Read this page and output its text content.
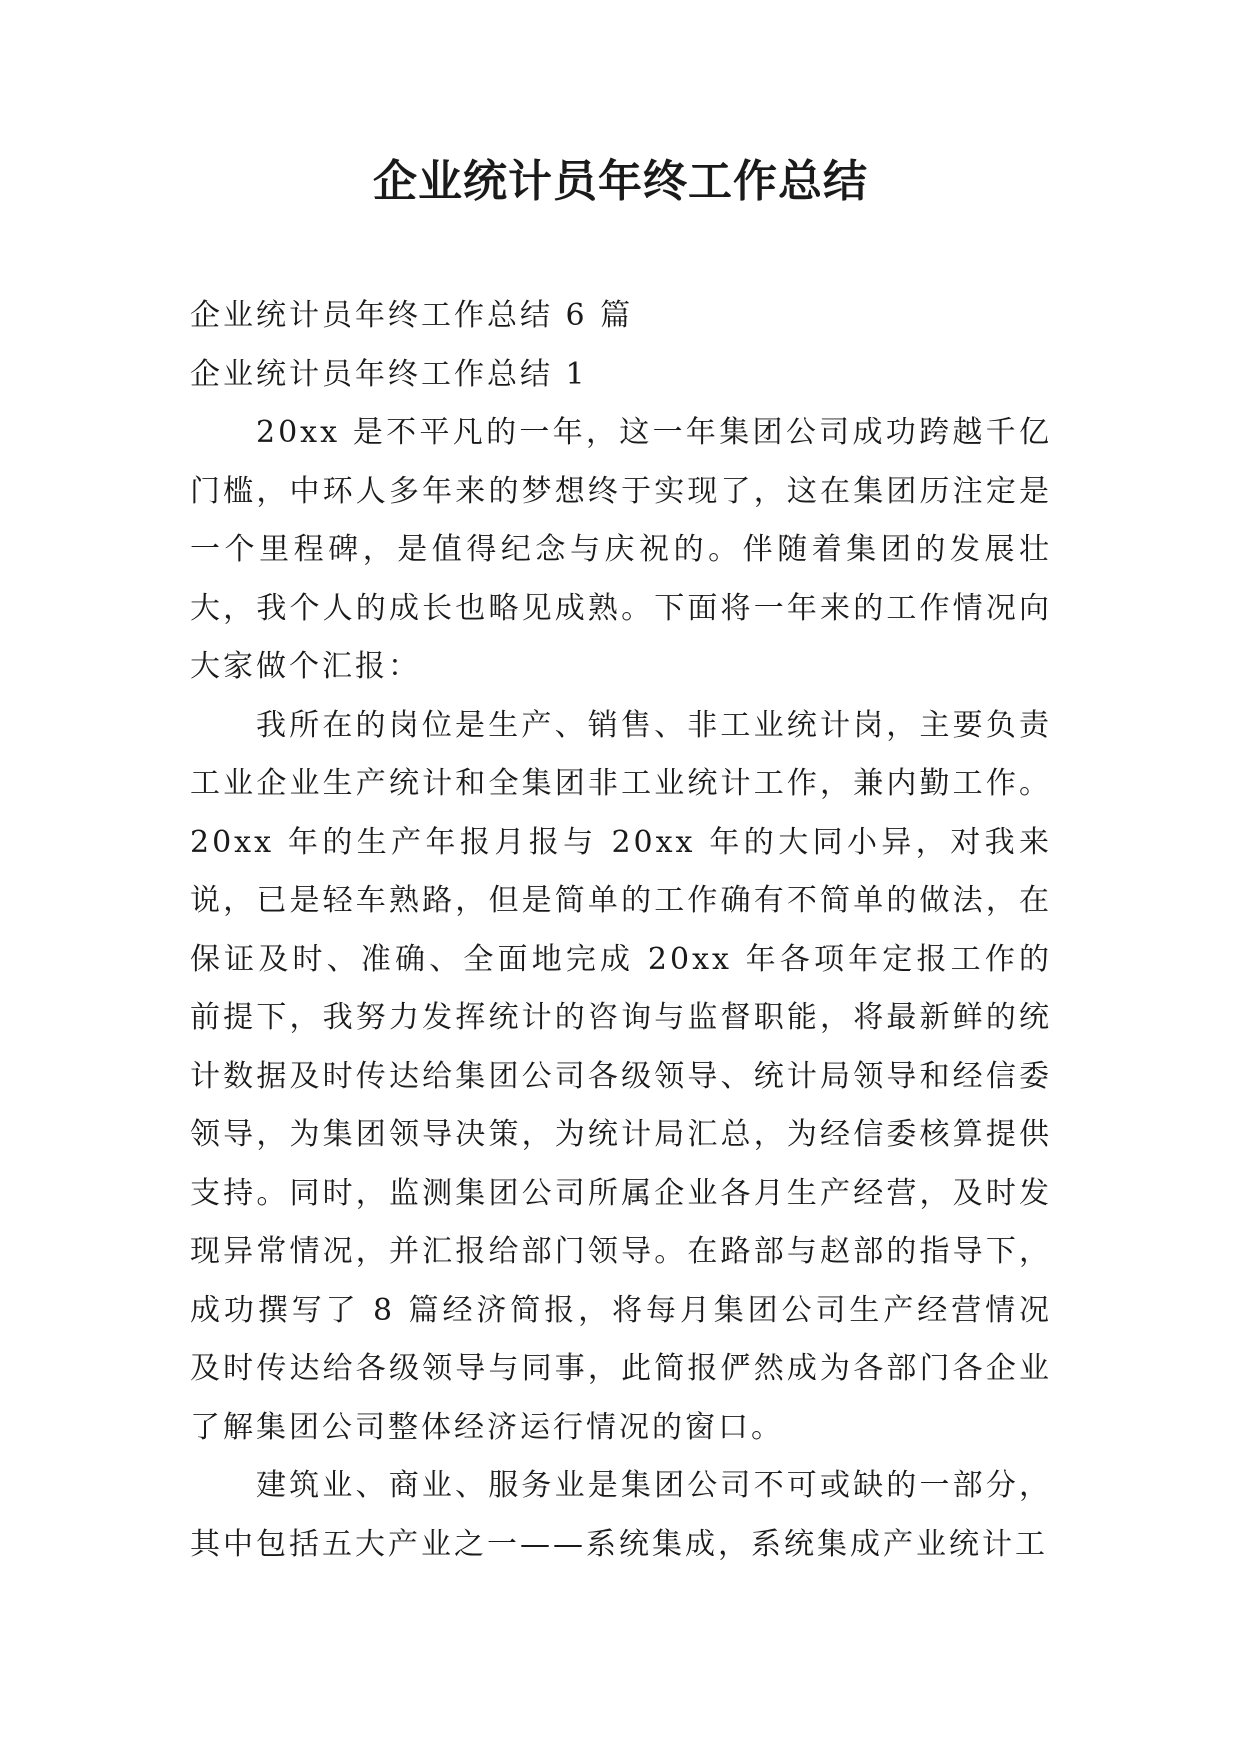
企业统计员年终工作总结

企业统计员年终工作总结 6 篇

企业统计员年终工作总结 1

20xx 是不平凡的一年，这一年集团公司成功跨越千亿门槛，中环人多年来的梦想终于实现了，这在集团历注定是一个里程碑，是值得纪念与庆祝的。伴随着集团的发展壮大，我个人的成长也略见成熟。下面将一年来的工作情况向大家做个汇报：

我所在的岗位是生产、销售、非工业统计岗，主要负责工业企业生产统计和全集团非工业统计工作，兼内勤工作。20xx 年的生产年报月报与 20xx 年的大同小异，对我来说，已是轻车熟路，但是简单的工作确有不简单的做法，在保证及时、准确、全面地完成 20xx 年各项年定报工作的前提下，我努力发挥统计的咨询与监督职能，将最新鲜的统计数据及时传达给集团公司各级领导、统计局领导和经信委领导，为集团领导决策，为统计局汇总，为经信委核算提供支持。同时，监测集团公司所属企业各月生产经营，及时发现异常情况，并汇报给部门领导。在路部与赵部的指导下，成功撰写了 8 篇经济简报，将每月集团公司生产经营情况及时传达给各级领导与同事，此简报俨然成为各部门各企业了解集团公司整体经济运行情况的窗口。

建筑业、商业、服务业是集团公司不可或缺的一部分，其中包括五大产业之一——系统集成，系统集成产业统计工
